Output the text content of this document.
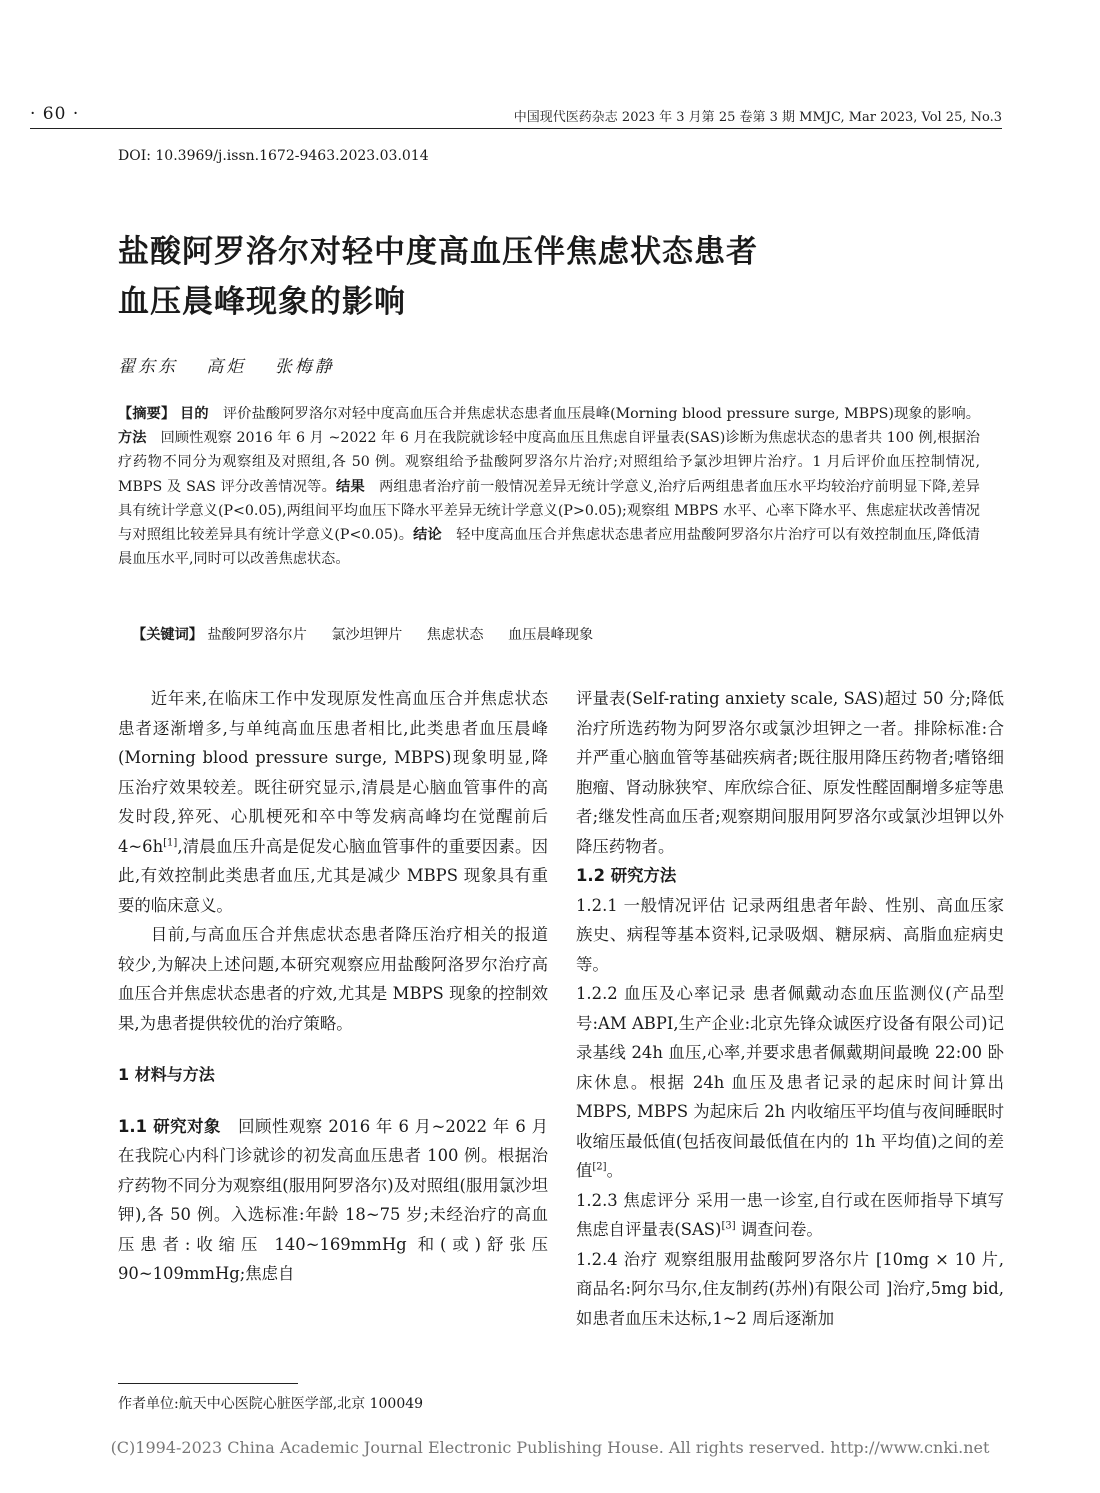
· 60 ·	中国现代医药杂志 2023 年 3 月第 25 卷第 3 期 MMJC, Mar 2023, Vol 25, No.3
DOI: 10.3969/j.issn.1672-9463.2023.03.014
盐酸阿罗洛尔对轻中度高血压伴焦虑状态患者
血压晨峰现象的影响
翟东东 高炬 张梅静
【摘要】 目的 评价盐酸阿罗洛尔对轻中度高血压合并焦虑状态患者血压晨峰(Morning blood pressure surge, MBPS)现象的影响。方法 回顾性观察 2016 年 6 月 ~2022 年 6 月在我院就诊轻中度高血压且焦虑自评量表(SAS)诊断为焦虑状态的患者共 100 例,根据治疗药物不同分为观察组及对照组,各 50 例。观察组给予盐酸阿罗洛尔片治疗;对照组给予氯沙坦钾片治疗。1 月后评价血压控制情况, MBPS 及 SAS 评分改善情况等。结果 两组患者治疗前一般情况差异无统计学意义,治疗后两组患者血压水平均较治疗前明显下降,差异具有统计学意义(P<0.05),两组间平均血压下降水平差异无统计学意义(P>0.05);观察组 MBPS 水平、心率下降水平、焦虑症状改善情况与对照组比较差异具有统计学意义(P<0.05)。结论 轻中度高血压合并焦虑状态患者应用盐酸阿罗洛尔片治疗可以有效控制血压,降低清晨血压水平,同时可以改善焦虑状态。
【关键词】 盐酸阿罗洛尔片 氯沙坦钾片 焦虑状态 血压晨峰现象

近年来,在临床工作中发现原发性高血压合并焦虑状态患者逐渐增多,与单纯高血压患者相比,此类患者血压晨峰(Morning blood pressure surge, MBPS)现象明显,降压治疗效果较差。既往研究显示,清晨是心脑血管事件的高发时段,猝死、心肌梗死和卒中等发病高峰均在觉醒前后 4~6h[1],清晨血压升高是促发心脑血管事件的重要因素。因此,有效控制此类患者血压,尤其是减少 MBPS 现象具有重要的临床意义。

目前,与高血压合并焦虑状态患者降压治疗相关的报道较少,为解决上述问题,本研究观察应用盐酸阿洛罗尔治疗高血压合并焦虑状态患者的疗效,尤其是 MBPS 现象的控制效果,为患者提供较优的治疗策略。

1 材料与方法

1.1 研究对象 回顾性观察 2016 年 6 月~2022 年 6 月在我院心内科门诊就诊的初发高血压患者 100 例。根据治疗药物不同分为观察组(服用阿罗洛尔)及对照组(服用氯沙坦钾),各 50 例。入选标准:年龄 18~75 岁;未经治疗的高血压患者:收缩压 140~169mmHg 和(或)舒张压 90~109mmHg;焦虑自

评量表(Self-rating anxiety scale, SAS)超过 50 分;降低治疗所选药物为阿罗洛尔或氯沙坦钾之一者。排除标准:合并严重心脑血管等基础疾病者;既往服用降压药物者;嗜铬细胞瘤、肾动脉狭窄、库欣综合征、原发性醛固酮增多症等患者;继发性高血压者;观察期间服用阿罗洛尔或氯沙坦钾以外降压药物者。

1.2 研究方法

1.2.1 一般情况评估 记录两组患者年龄、性别、高血压家族史、病程等基本资料,记录吸烟、糖尿病、高脂血症病史等。

1.2.2 血压及心率记录 患者佩戴动态血压监测仪(产品型号:AM ABPI,生产企业:北京先锋众诚医疗设备有限公司)记录基线 24h 血压,心率,并要求患者佩戴期间最晚 22:00 卧床休息。根据 24h 血压及患者记录的起床时间计算出 MBPS, MBPS 为起床后 2h 内收缩压平均值与夜间睡眠时收缩压最低值(包括夜间最低值在内的 1h 平均值)之间的差值[2]。

1.2.3 焦虑评分 采用一患一诊室,自行或在医师指导下填写焦虑自评量表(SAS)[3] 调查问卷。

1.2.4 治疗 观察组服用盐酸阿罗洛尔片 [10mg × 10 片,商品名:阿尔马尔,住友制药(苏州)有限公司 ]治疗,5mg bid,如患者血压未达标,1~2 周后逐渐加

作者单位:航天中心医院心脏医学部,北京 100049
(C)1994-2023 China Academic Journal Electronic Publishing House. All rights reserved. http://www.cnki.net
